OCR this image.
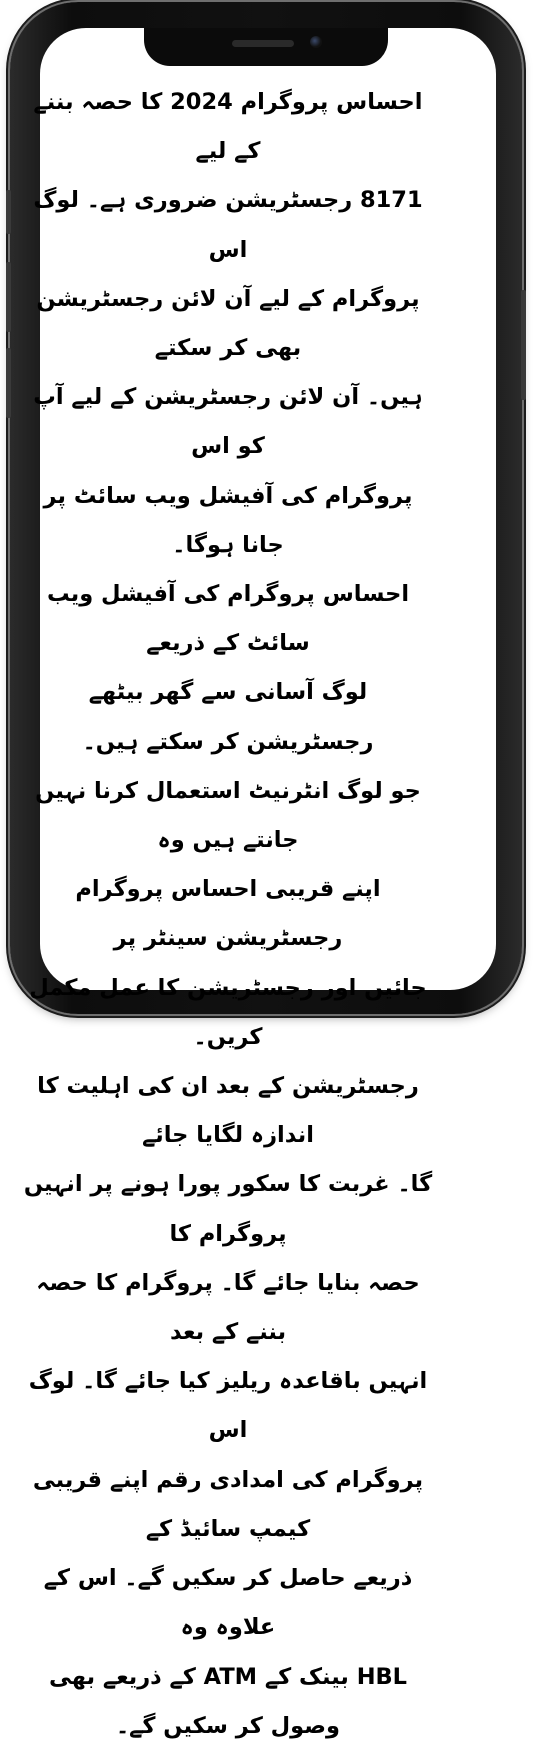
احساس پروگرام 2024 کا حصہ بننے کے لیے
8171 رجسٹریشن ضروری ہے۔ لوگ اس
پروگرام کے لیے آن لائن رجسٹریشن بھی کر سکتے
ہیں۔ آن لائن رجسٹریشن کے لیے آپ کو اس
پروگرام کی آفیشل ویب سائٹ پر جانا ہوگا۔
احساس پروگرام کی آفیشل ویب سائٹ کے ذریعے
لوگ آسانی سے گھر بیٹھے رجسٹریشن کر سکتے ہیں۔
جو لوگ انٹرنیٹ استعمال کرنا نہیں جانتے ہیں وہ
اپنے قریبی احساس پروگرام رجسٹریشن سینٹر پر
جائیں اور رجسٹریشن کا عمل مکمل کریں۔
رجسٹریشن کے بعد ان کی اہلیت کا اندازہ لگایا جائے
گا۔ غربت کا سکور پورا ہونے پر انہیں پروگرام کا
حصہ بنایا جائے گا۔ پروگرام کا حصہ بننے کے بعد
انہیں باقاعدہ ریلیز کیا جائے گا۔ لوگ اس
پروگرام کی امدادی رقم اپنے قریبی کیمپ سائیڈ کے
ذریعے حاصل کر سکیں گے۔ اس کے علاوہ وہ
HBL بینک کے ATM کے ذریعے بھی
وصول کر سکیں گے۔
